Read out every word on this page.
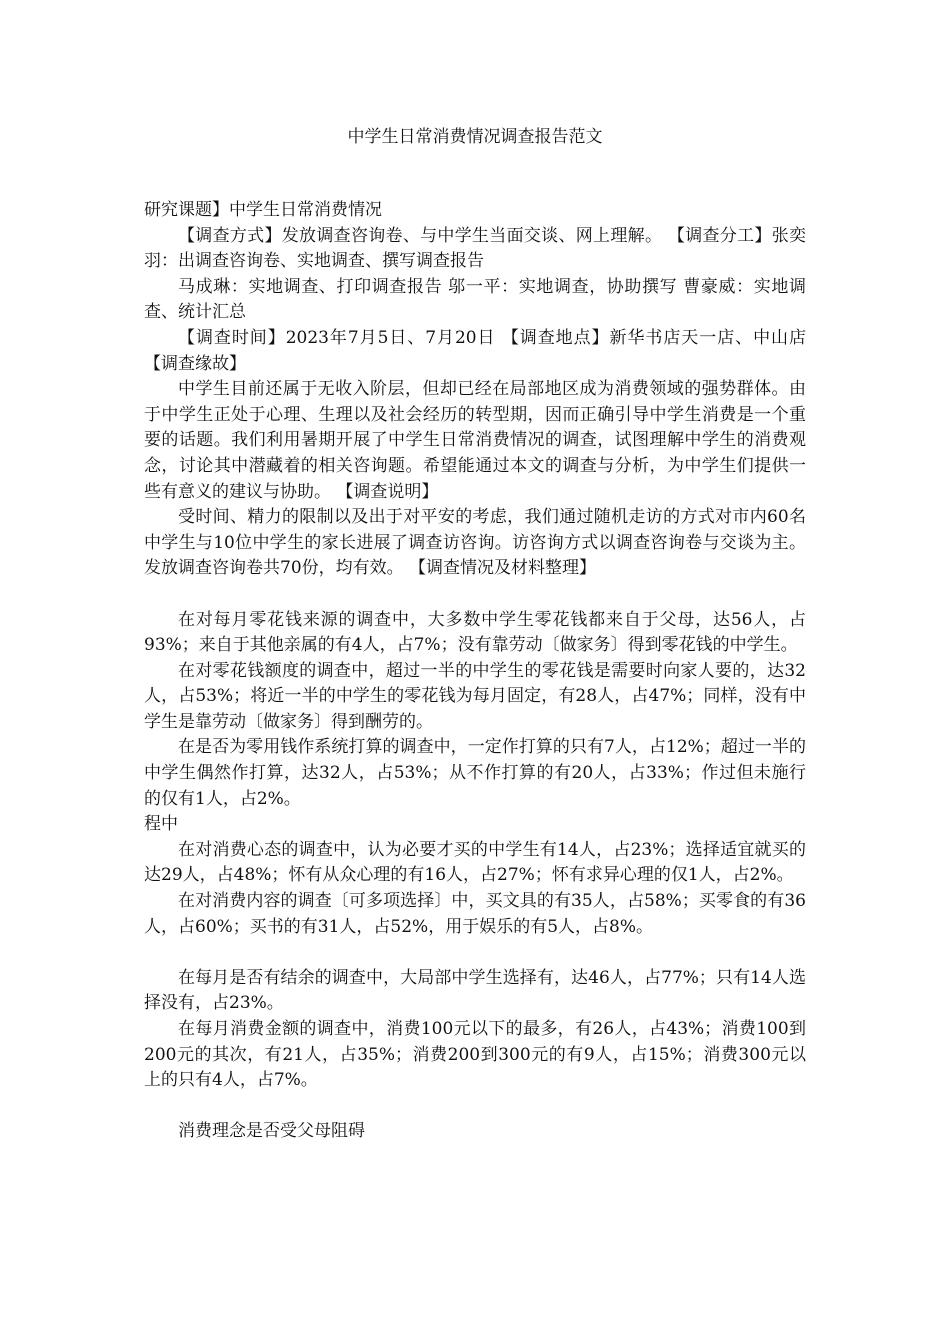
中学生日常消费情况调查报告范文

研究课题】中学生日常消费情况

【调查方式】发放调查咨询卷、与中学生当面交谈、网上理解。 【调查分工】张奕羽：出调查咨询卷、实地调查、撰写调查报告

马成琳：实地调查、打印调查报告 邬一平：实地调查，协助撰写 曹豪威：实地调查、统计汇总

【调查时间】2023年7月5日、7月20日 【调查地点】新华书店天一店、中山店 【调查缘故】

中学生目前还属于无收入阶层，但却已经在局部地区成为消费领域的强势群体。由于中学生正处于心理、生理以及社会经历的转型期，因而正确引导中学生消费是一个重要的话题。我们利用暑期开展了中学生日常消费情况的调查，试图理解中学生的消费观念，讨论其中潜藏着的相关咨询题。希望能通过本文的调查与分析，为中学生们提供一些有意义的建议与协助。 【调查说明】

受时间、精力的限制以及出于对平安的考虑，我们通过随机走访的方式对市内60名中学生与10位中学生的家长进展了调查访咨询。访咨询方式以调查咨询卷与交谈为主。发放调查咨询卷共70份，均有效。 【调查情况及材料整理】

在对每月零花钱来源的调查中，大多数中学生零花钱都来自于父母，达56人，占93%；来自于其他亲属的有4人，占7%；没有靠劳动〔做家务〕得到零花钱的中学生。

在对零花钱额度的调查中，超过一半的中学生的零花钱是需要时向家人要的，达32人，占53%；将近一半的中学生的零花钱为每月固定，有28人，占47%；同样，没有中学生是靠劳动〔做家务〕得到酬劳的。

在是否为零用钱作系统打算的调查中，一定作打算的只有7人，占12%；超过一半的中学生偶然作打算，达32人，占53%；从不作打算的有20人，占33%；作过但未施行的仅有1人，占2%。

程中

在对消费心态的调查中，认为必要才买的中学生有14人，占23%；选择适宜就买的达29人，占48%；怀有从众心理的有16人，占27%；怀有求异心理的仅1人，占2%。

在对消费内容的调查〔可多项选择〕中，买文具的有35人，占58%；买零食的有36人，占60%；买书的有31人，占52%，用于娱乐的有5人，占8%。

在每月是否有结余的调查中，大局部中学生选择有，达46人，占77%；只有14人选择没有，占23%。

在每月消费金额的调查中，消费100元以下的最多，有26人，占43%；消费100到200元的其次，有21人，占35%；消费200到300元的有9人，占15%；消费300元以上的只有4人，占7%。

消费理念是否受父母阻碍
